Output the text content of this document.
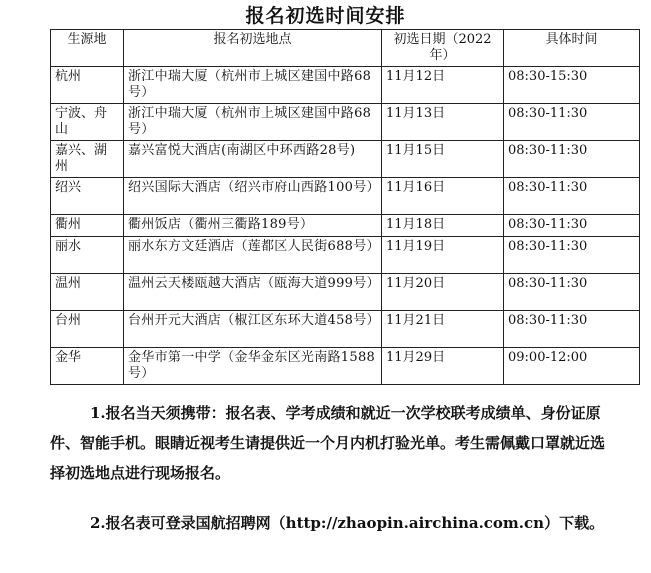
报名初选时间安排
生源地	报名初选地点	初选日期（2022年）	具体时间
杭州	浙江中瑞大厦（杭州市上城区建国中路68号）	11月12日	08:30-15:30
宁波、舟山	浙江中瑞大厦（杭州市上城区建国中路68号）	11月13日	08:30-11:30
嘉兴、湖州	嘉兴富悦大酒店(南湖区中环西路28号)	11月15日	08:30-11:30
绍兴	绍兴国际大酒店（绍兴市府山西路100号）	11月16日	08:30-11:30
衢州	衢州饭店（衢州三衢路189号）	11月18日	08:30-11:30
丽水	丽水东方文廷酒店（莲都区人民街688号）	11月19日	08:30-11:30
温州	温州云天楼瓯越大酒店（瓯海大道999号）	11月20日	08:30-11:30
台州	台州开元大酒店（椒江区东环大道458号）	11月21日	08:30-11:30
金华	金华市第一中学（金华金东区光南路1588号）	11月29日	09:00-12:00
1.报名当天须携带：报名表、学考成绩和就近一次学校联考成绩单、身份证原件、智能手机。眼睛近视考生请提供近一个月内机打验光单。考生需佩戴口罩就近选择初选地点进行现场报名。
2.报名表可登录国航招聘网（http://zhaopin.airchina.com.cn）下载。
